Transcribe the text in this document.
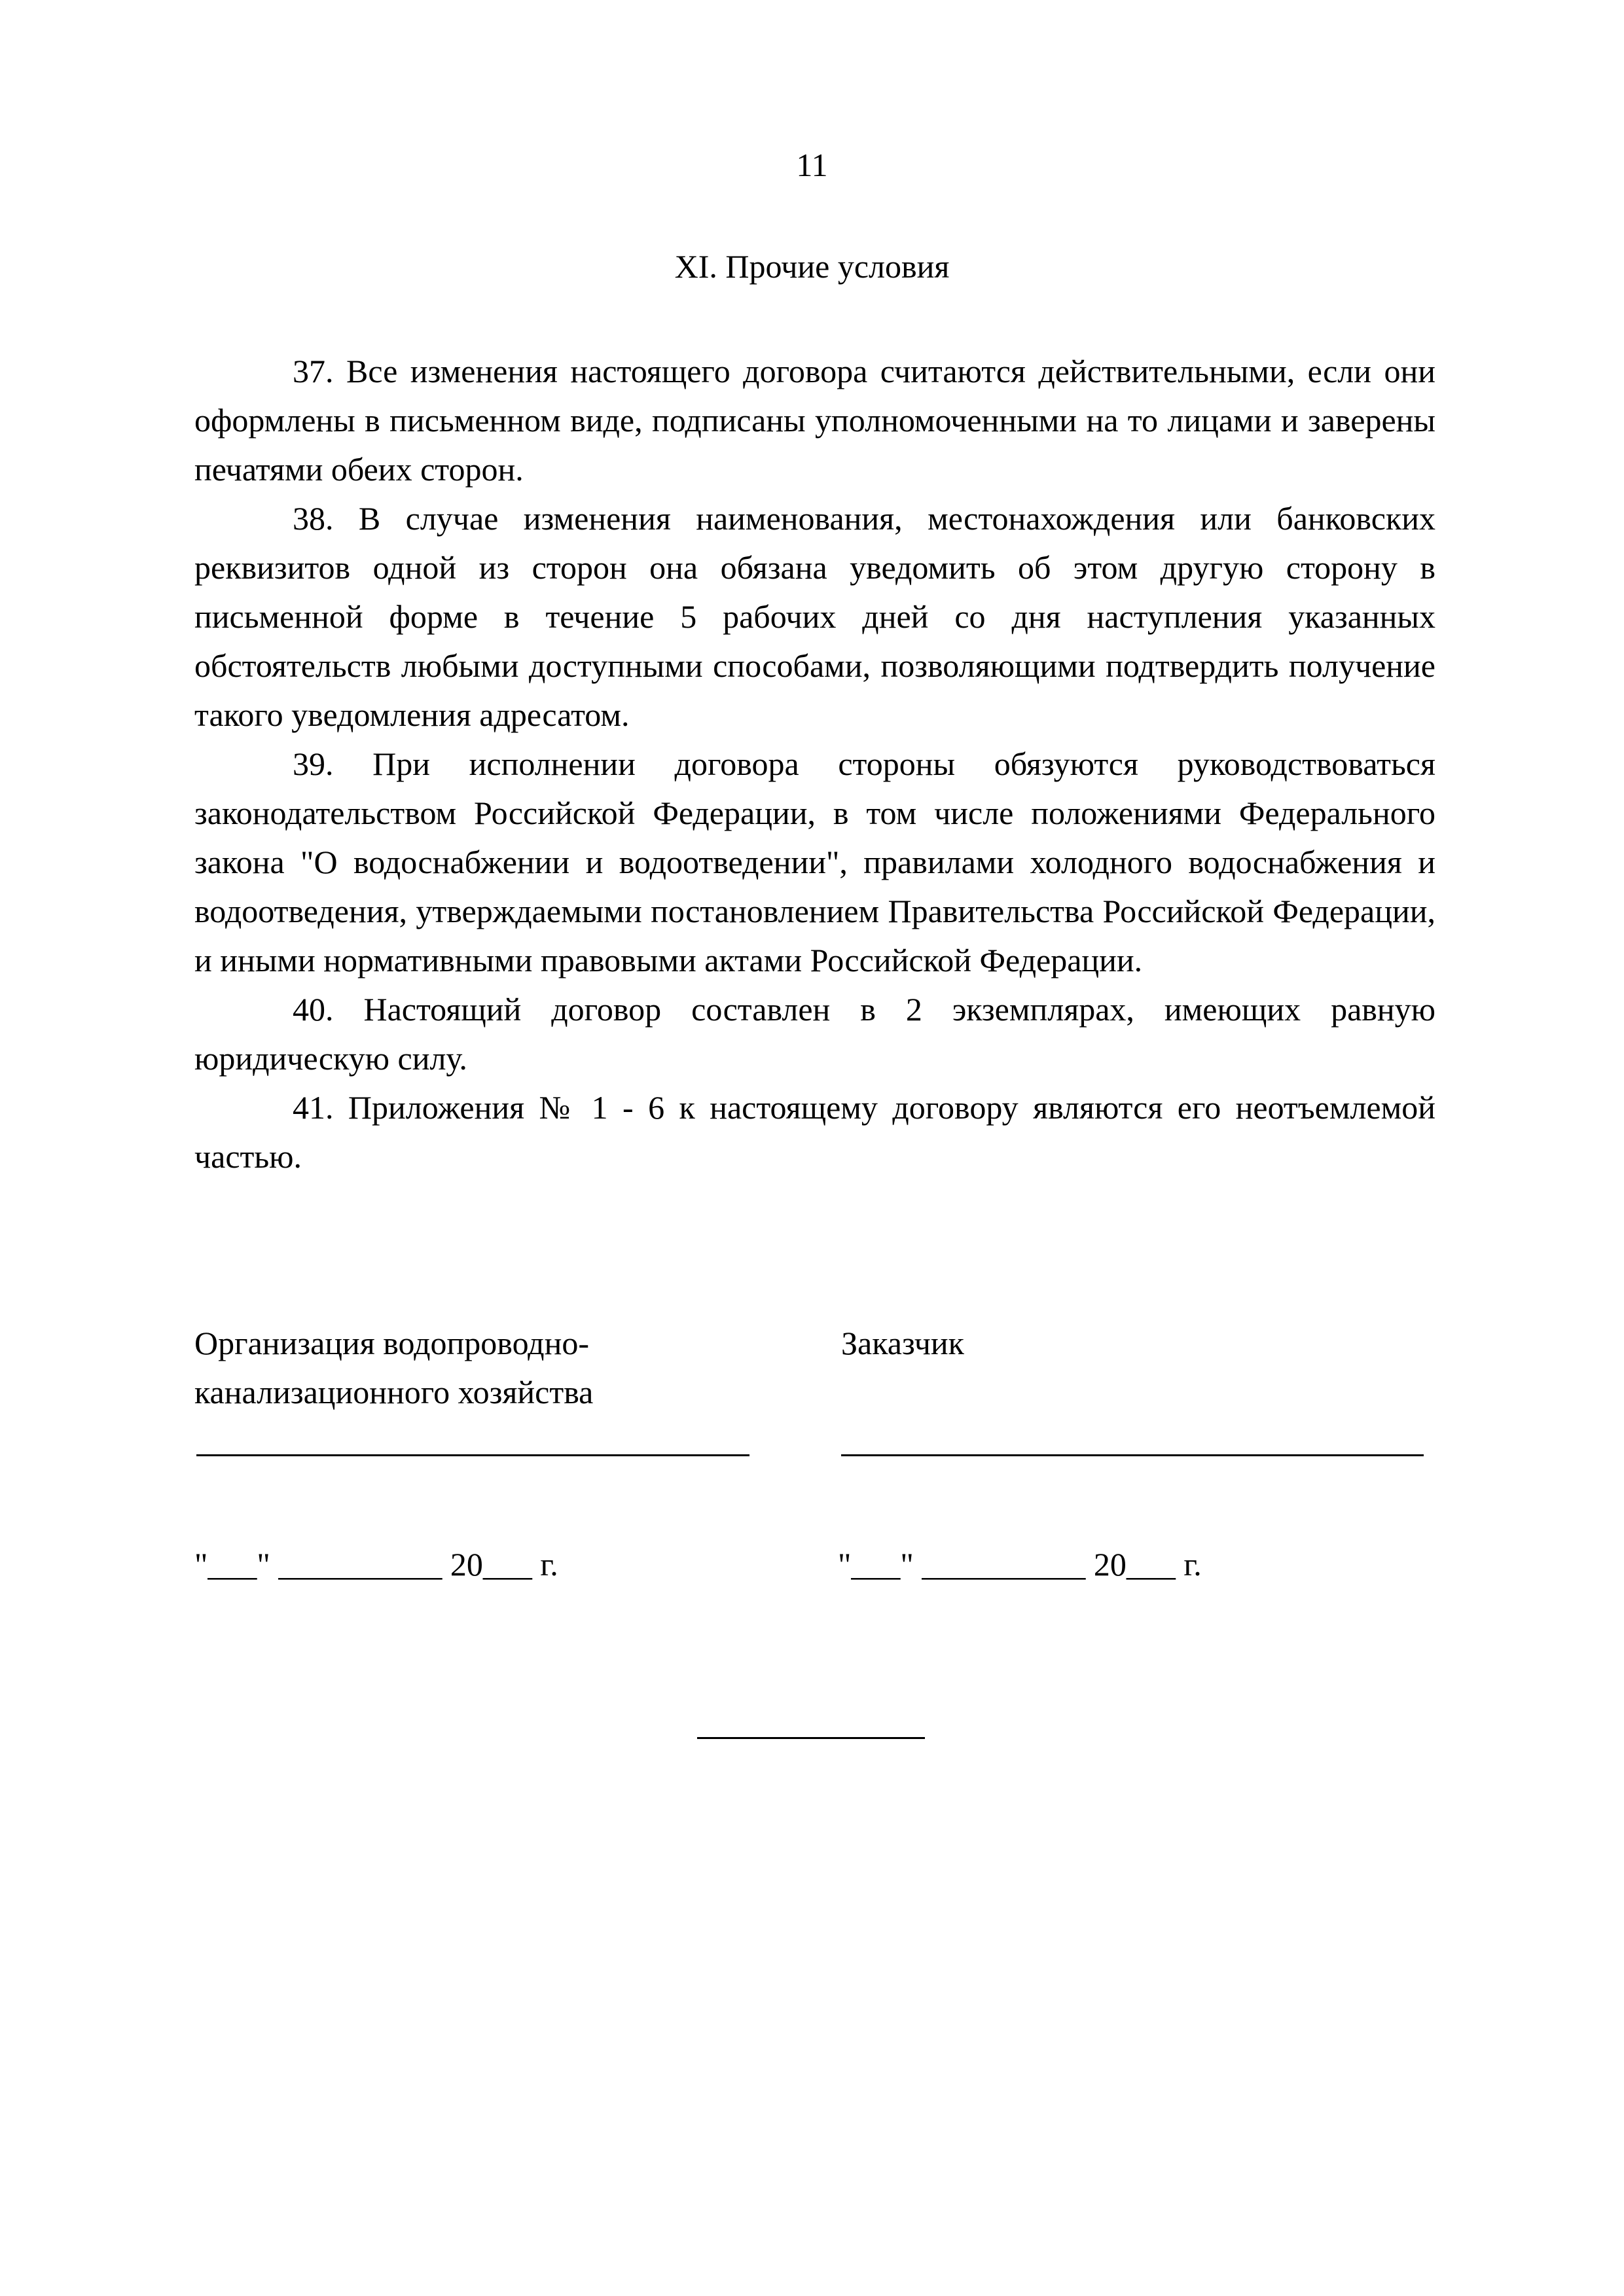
11
XI. Прочие условия

37. Все изменения настоящего договора считаются действительными, если они оформлены в письменном виде, подписаны уполномоченными на то лицами и заверены печатями обеих сторон.

38. В случае изменения наименования, местонахождения или банковских реквизитов одной из сторон она обязана уведомить об этом другую сторону в письменной форме в течение 5 рабочих дней со дня наступления указанных обстоятельств любыми доступными способами, позволяющими подтвердить получение такого уведомления адресатом.

39. При исполнении договора стороны обязуются руководствоваться законодательством Российской Федерации, в том числе положениями Федерального закона "О водоснабжении и водоотведении", правилами холодного водоснабжения и водоотведения, утверждаемыми постановлением Правительства Российской Федерации, и иными нормативными правовыми актами Российской Федерации.

40. Настоящий договор составлен в 2 экземплярах, имеющих равную юридическую силу.

41. Приложения № 1 - 6 к настоящему договору являются его неотъемлемой частью.

Организация водопроводно-
канализационного хозяйства
Заказчик
"___" __________ 20___ г.	"___" __________ 20___ г.
